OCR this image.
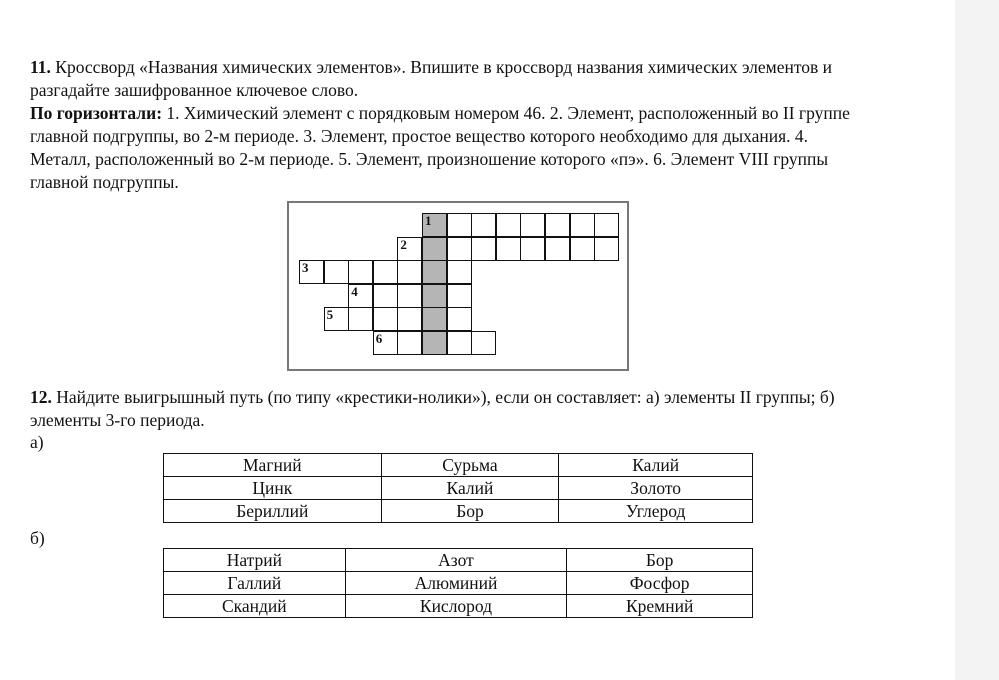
11. Кроссворд «Названия химических элементов». Впишите в кроссворд названия химических элементов и разгадайте зашифрованное ключевое слово.
По горизонтали: 1. Химический элемент с порядковым номером 46. 2. Элемент, расположенный во II группе главной подгруппы, во 2-м периоде. 3. Элемент, простое вещество которого необходимо для дыхания. 4. Металл, расположенный во 2-м периоде. 5. Элемент, произношение которого «пэ». 6. Элемент VIII группы главной подгруппы.
1
2
3
4
5
6
12. Найдите выигрышный путь (по типу «крестики-нолики»), если он составляет: а) элементы II группы; б) элементы 3-го периода.
а)
Магний	Сурьма	Калий
Цинк	Калий	Золото
Бериллий	Бор	Углерод
б)
Натрий	Азот	Бор
Галлий	Алюминий	Фосфор
Скандий	Кислород	Кремний
